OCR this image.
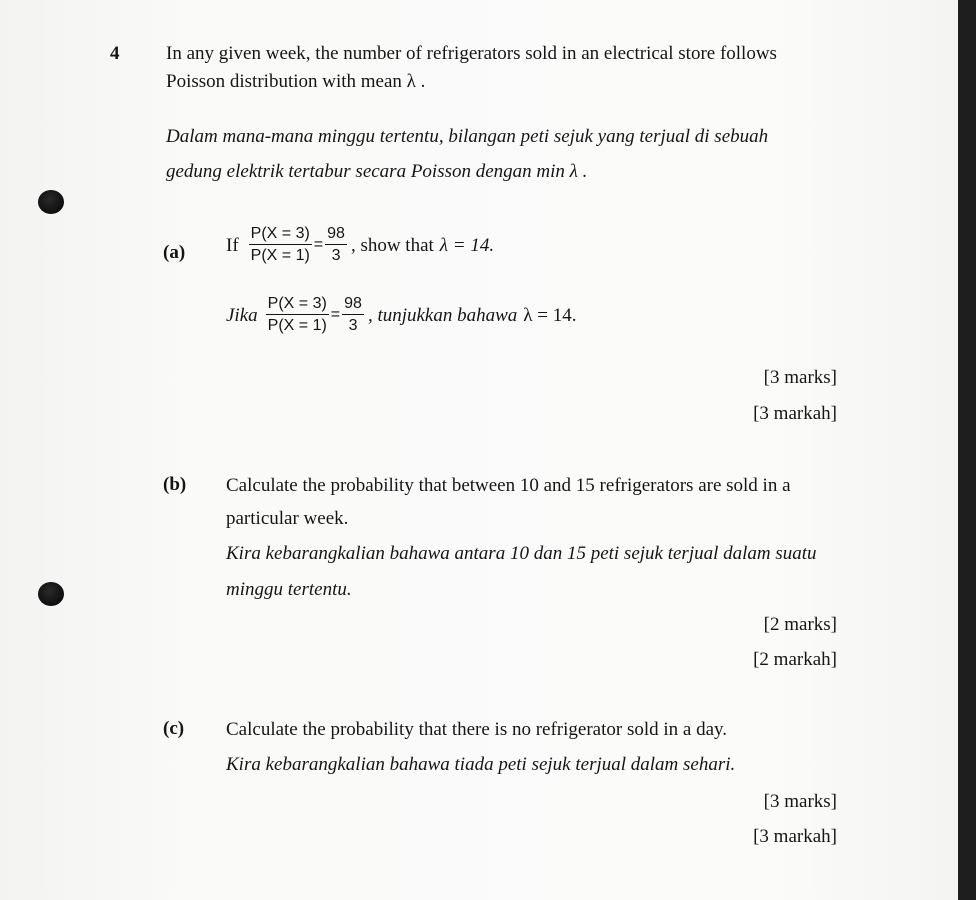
4 In any given week, the number of refrigerators sold in an electrical store follows
Poisson distribution with mean λ .
Dalam mana-mana minggu tertentu, bilangan peti sejuk yang terjual di sebuah
gedung elektrik tertabur secara Poisson dengan min λ .
(a) If $\frac{P(X = 3)}{P(X = 1)} = \frac{98}{3}$ , show that λ = 14.
Jika $\frac{P(X = 3)}{P(X = 1)} = \frac{98}{3}$ , tunjukkan bahawa λ = 14.
[3 marks]
[3 markah]
(b) Calculate the probability that between 10 and 15 refrigerators are sold in a
particular week.
Kira kebarangkalian bahawa antara 10 dan 15 peti sejuk terjual dalam suatu
minggu tertentu.
[2 marks]
[2 markah]
(c) Calculate the probability that there is no refrigerator sold in a day.
Kira kebarangkalian bahawa tiada peti sejuk terjual dalam sehari.
[3 marks]
[3 markah]
